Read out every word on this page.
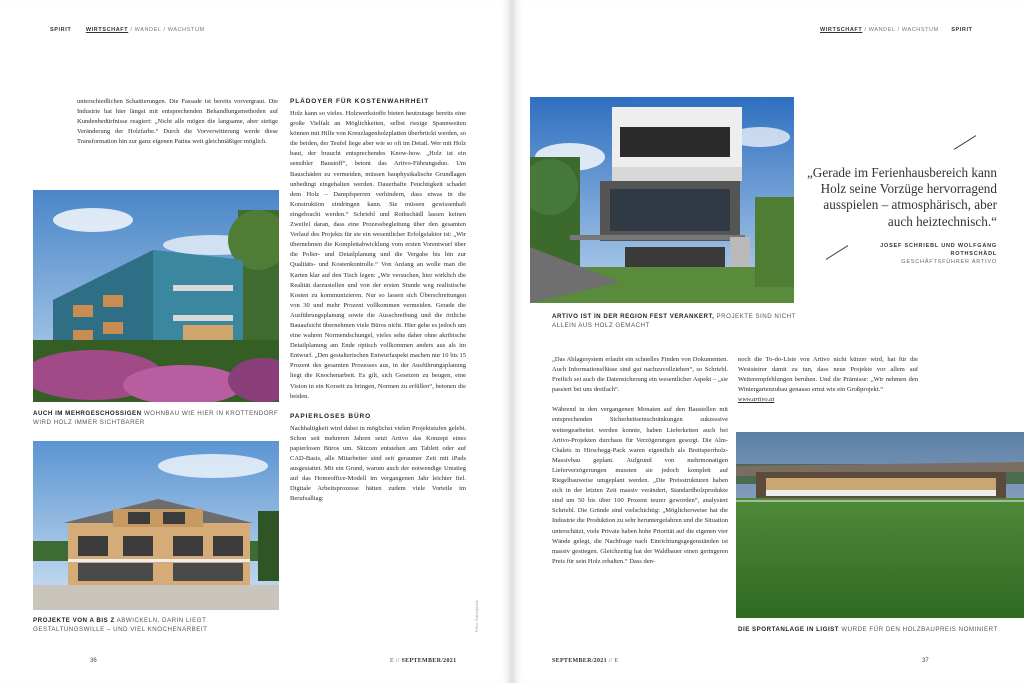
SPIRIT	WIRTSCHAFT / WANDEL / WACHSTUM

unterschiedlichen Schattierungen. Die Fassade ist bereits vorvergraut. Die Industrie hat hier längst mit entsprechenden Behandlungsmethoden auf Kundenbedürfnisse reagiert: „Nicht alle mögen die langsame, aber stetige Veränderung der Holzfarbe.“ Durch die Vorverwitterung werde diese Transformation hin zur ganz eigenen Patina weit gleichmäßiger möglich.

AUCH IM MEHRGESCHOSSIGEN WOHNBAU WIE HIER IN KROTTENDORF WIRD HOLZ IMMER SICHTBARER
PROJEKTE VON A BIS Z ABWICKELN, DARIN LIEGT GESTALTUNGSWILLE – UND VIEL KNOCHENARBEIT
PLÄDOYER FÜR KOSTENWAHRHEIT

Holz kann so vieles. Holzwerkstoffe bieten heutzutage bereits eine große Vielfalt an Möglichkeiten, selbst riesige Spannweiten können mit Hilfe von Kreuzlagenholzplatten überbrückt werden, so die beiden, der Teufel liege aber wie so oft im Detail. Wer mit Holz baut, der braucht entsprechendes Know-how. „Holz ist ein sensibler Baustoff“, betont das Artivo-Führungsduo. Um Bauschäden zu vermeiden, müssen bauphysikalische Grundlagen unbedingt eingehalten werden. Dauerhafte Feuchtigkeit schadet dem Holz – Dampfsperren verhindern, dass etwas in die Konstruktion eindringen kann. Sie müssen gewissenhaft eingebracht werden.“ Schriebl und Rothschädl lassen keinen Zweifel daran, dass eine Prozessbegleitung über den gesamten Verlauf des Projekts für sie ein wesentlicher Erfolgsfaktor ist: „Wir übernehmen die Komplettabwicklung vom ersten Vorentwurf über die Polier- und Detailplanung und die Vergabe bis hin zur Qualitäts- und Kostenkontrolle.“ Von Anfang an wolle man die Karten klar auf den Tisch legen: „Wir versuchen, hier wirklich die Realität darzustellen und von der ersten Stunde weg realistische Kosten zu kommunizieren. Nur so lassen sich Überschreitungen von 30 und mehr Prozent vollkommen vermeiden. Gerade die Ausführungsplanung sowie die Ausschreibung und die örtliche Bauaufsicht übernehmen viele Büros nicht. Hier gehe es jedoch um eine wahren Normendschungel, vieles sehe daher ohne akribische Detailplanung am Ende optisch vollkommen anders aus als im Entwurf. „Den gestalterischen Entwurfaspekt machen nur 10 bis 15 Prozent des gesamten Prozesses aus, in der Ausführungsplanung liegt die Knochenarbeit. Es gilt, sich Gesetzen zu beugen, eine Vision in ein Korsett zu bringen, Normen zu erfüllen“, betonen die beiden.

PAPIERLOSES BÜRO

Nachhaltigkeit wird dabei in möglichst vielen Projektstufen gelebt. Schon seit mehreren Jahren setzt Artivo das Konzept eines papierlosen Büros um. Skizzen entstehen am Tablett oder auf CAD-Basis, alle Mitarbeiter sind seit geraumer Zeit mit iPads ausgestattet. Mit ein Grund, warum auch der notwendige Umstieg auf das Homeoffice-Modell im vergangenen Jahr leichter fiel. Digitale Arbeitsprozesse hätten zudem viele Vorteile im Berufsalltag:

Fotos: Artivo/privat
36	E // SEPTEMBER/2021
WIRTSCHAFT / WANDEL / WACHSTUM SPIRIT
ARTIVO IST IN DER REGION FEST VERANKERT, PROJEKTE SIND NICHT ALLEIN AUS HOLZ GEMACHT
„Gerade im Ferienhausbereich kann Holz seine Vorzüge hervorragend ausspielen – atmosphärisch, aber auch heiztechnisch.“
JOSEF SCHRIEBL UND WOLFGANG ROTHSCHÄDL
GESCHÄFTSFÜHRER ARTIVO

„Das Ablagesystem erlaubt ein schnelles Finden von Dokumenten. Auch Informationsflüsse sind gut nachzuvollziehen“, so Schriebl. Freilich sei auch die Datensicherung ein wesentlicher Aspekt – „sie passiert bei uns dreifach“.

Während in den vergangenen Monaten auf den Baustellen mit entsprechenden Sicherheitseinschränkungen sukzessive weitergearbeitet werden konnte, haben Lieferketten auch bei Artivo-Projekten durchaus für Verzögerungen gesorgt. Die Alm-Chalets in Hirschegg-Pack waren eigentlich als Brettsperrholz-Massivbau geplant. Aufgrund von mehrmonatigen Lieferverzögerungen mussten sie jedoch komplett auf Riegelbauweise umgeplant werden. „Die Preisstrukturen haben sich in der letzten Zeit massiv verändert, Standardholzprodukte sind um 50 bis über 100 Prozent teurer geworden“, analysiert Schriebl. Die Gründe sind vielschichtig: „Möglicherweise hat die Industrie die Produktion zu sehr heruntergefahren und die Situation unterschätzt, viele Private haben hohe Priorität auf die eigenen vier Wände gelegt, die Nachfrage nach Einrichtungsgegenständen ist massiv gestiegen. Gleichzeitig hat der Waldbauer einen geringeren Preis für sein Holz erhalten.“ Dass den-

noch die To-do-Liste von Artivo nicht kürzer wird, hat für die Weststeirer damit zu tun, dass neue Projekte vor allem auf Weiterempfehlungen beruhen. Und die Prämisse: „Wir nehmen den Wintergartenzubau genauso ernst wie ein Großprojekt.“

www.artivo.at

DIE SPORTANLAGE IN LIGIST WURDE FÜR DEN HOLZBAUPREIS NOMINIERT
SEPTEMBER/2021 // E	37
